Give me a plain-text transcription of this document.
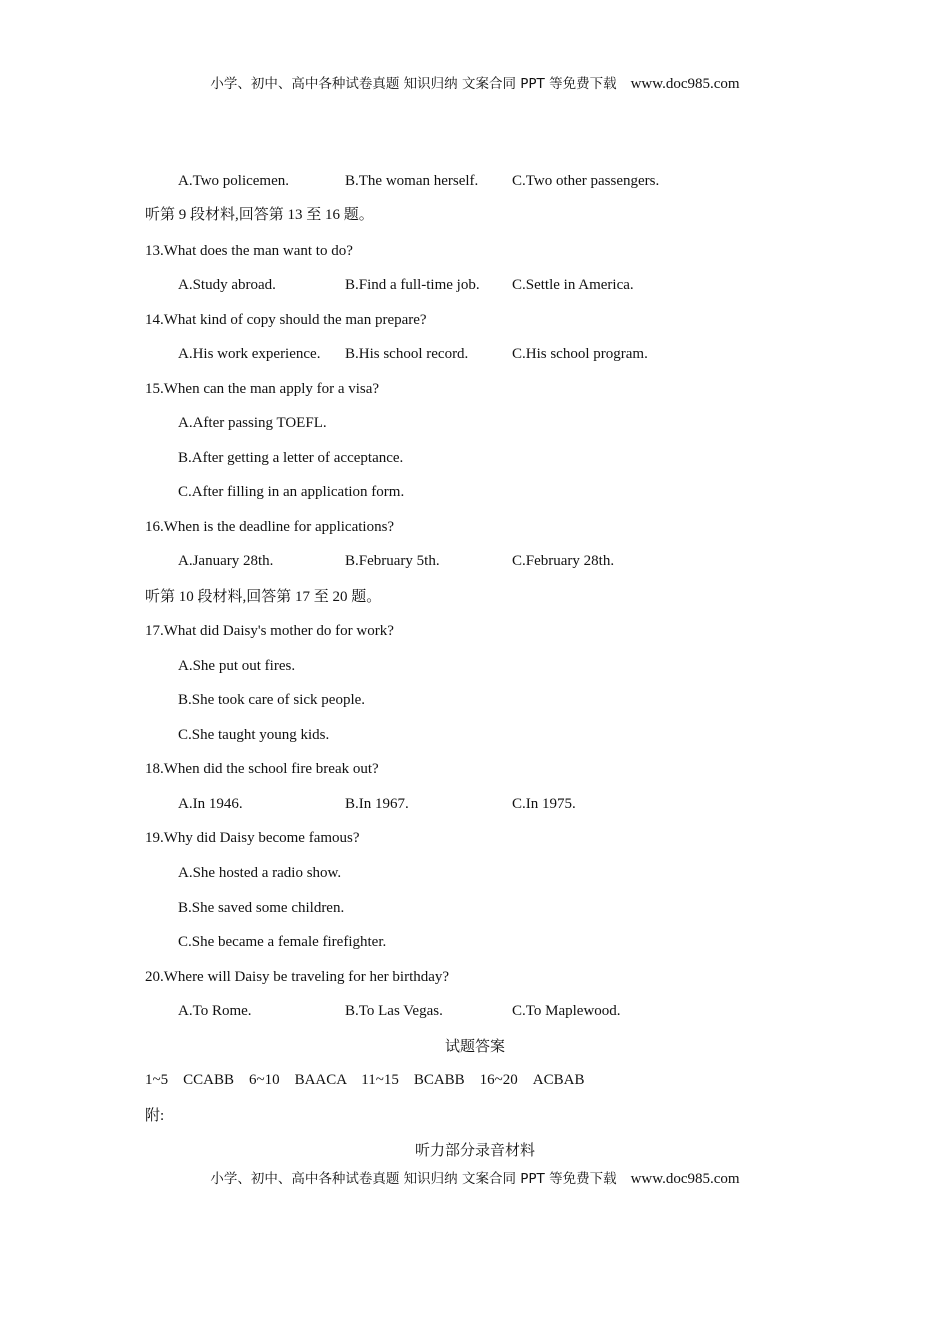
小学、初中、高中各种试卷真题 知识归纳 文案合同 PPT 等免费下载 www.doc985.com
A.Two policemen.	B.The woman herself. C.Two other passengers.
听第 9 段材料,回答第 13 至 16 题。
13.What does the man want to do?
A.Study abroad.	B.Find a full-time job. C.Settle in America.
14.What kind of copy should the man prepare?
A.His work experience. B.His school record.	C.His school program.
15.When can the man apply for a visa?
A.After passing TOEFL.
B.After getting a letter of acceptance.
C.After filling in an application form.
16.When is the deadline for applications?
A.January 28th.	B.February 5th.	C.February 28th.
听第 10 段材料,回答第 17 至 20 题。
17.What did Daisy's mother do for work?
A.She put out fires.
B.She took care of sick people.
C.She taught young kids.
18.When did the school fire break out?
A.In 1946.	B.In 1967.	C.In 1975.
19.Why did Daisy become famous?
A.She hosted a radio show.
B.She saved some children.
C.She became a female firefighter.
20.Where will Daisy be traveling for her birthday?
A.To Rome.	B.To Las Vegas.	C.To Maplewood.
试题答案
1~5　CCABB　6~10　BAACA　11~15　BCABB　16~20　ACBAB
附:
听力部分录音材料
小学、初中、高中各种试卷真题 知识归纳 文案合同 PPT 等免费下载 www.doc985.com
